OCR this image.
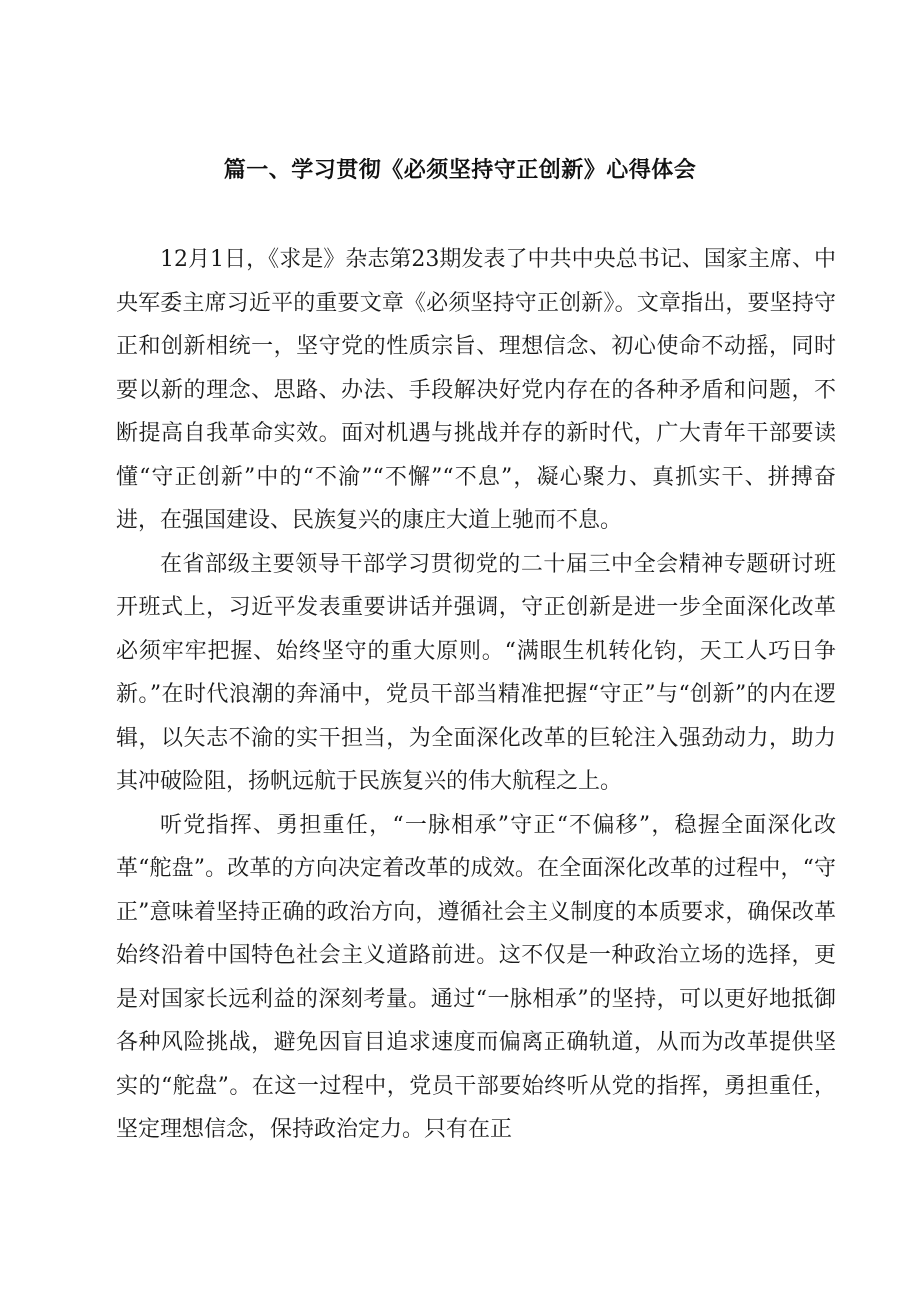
篇一、学习贯彻《必须坚持守正创新》心得体会

12月1日，《求是》杂志第23期发表了中共中央总书记、国家主席、中央军委主席习近平的重要文章《必须坚持守正创新》。文章指出，要坚持守正和创新相统一，坚守党的性质宗旨、理想信念、初心使命不动摇，同时要以新的理念、思路、办法、手段解决好党内存在的各种矛盾和问题，不断提高自我革命实效。面对机遇与挑战并存的新时代，广大青年干部要读懂“守正创新”中的“不渝”“不懈”“不息”，凝心聚力、真抓实干、拼搏奋进，在强国建设、民族复兴的康庄大道上驰而不息。

在省部级主要领导干部学习贯彻党的二十届三中全会精神专题研讨班开班式上，习近平发表重要讲话并强调，守正创新是进一步全面深化改革必须牢牢把握、始终坚守的重大原则。“满眼生机转化钧，天工人巧日争新。”在时代浪潮的奔涌中，党员干部当精准把握“守正”与“创新”的内在逻辑，以矢志不渝的实干担当，为全面深化改革的巨轮注入强劲动力，助力其冲破险阻，扬帆远航于民族复兴的伟大航程之上。

听党指挥、勇担重任，“一脉相承”守正“不偏移”，稳握全面深化改革“舵盘”。改革的方向决定着改革的成效。在全面深化改革的过程中，“守正”意味着坚持正确的政治方向，遵循社会主义制度的本质要求，确保改革始终沿着中国特色社会主义道路前进。这不仅是一种政治立场的选择，更是对国家长远利益的深刻考量。通过“一脉相承”的坚持，可以更好地抵御各种风险挑战，避免因盲目追求速度而偏离正确轨道，从而为改革提供坚实的“舵盘”。在这一过程中，党员干部要始终听从党的指挥，勇担重任，坚定理想信念，保持政治定力。只有在正
